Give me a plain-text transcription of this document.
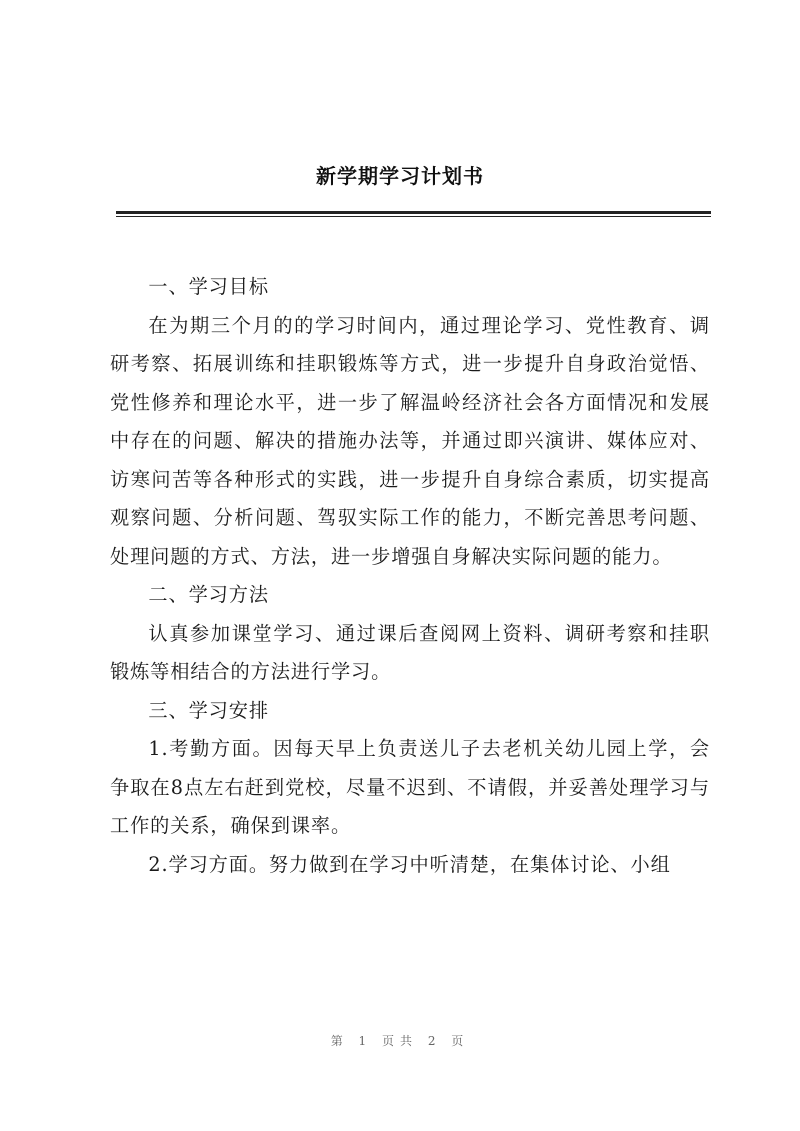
新学期学习计划书

一、学习目标

在为期三个月的的学习时间内，通过理论学习、党性教育、调研考察、拓展训练和挂职锻炼等方式，进一步提升自身政治觉悟、党性修养和理论水平，进一步了解温岭经济社会各方面情况和发展中存在的问题、解决的措施办法等，并通过即兴演讲、媒体应对、访寒问苦等各种形式的实践，进一步提升自身综合素质，切实提高观察问题、分析问题、驾驭实际工作的能力，不断完善思考问题、处理问题的方式、方法，进一步增强自身解决实际问题的能力。

二、学习方法

认真参加课堂学习、通过课后查阅网上资料、调研考察和挂职锻炼等相结合的方法进行学习。

三、学习安排

1.考勤方面。因每天早上负责送儿子去老机关幼儿园上学，会争取在8点左右赶到党校，尽量不迟到、不请假，并妥善处理学习与工作的关系，确保到课率。

2.学习方面。努力做到在学习中听清楚，在集体讨论、小组

第 1 页共 2 页
